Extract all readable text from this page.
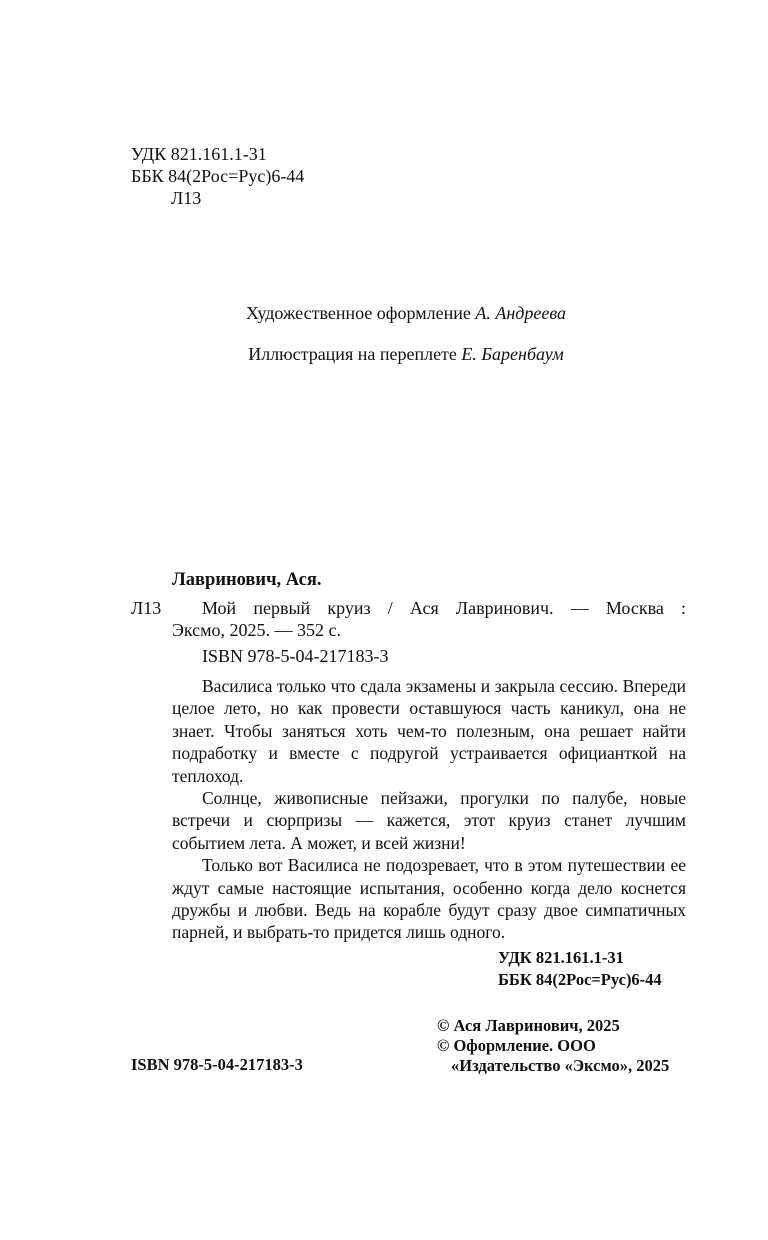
УДК 821.161.1-31
ББК 84(2Рос=Рус)6-44
Л13
Художественное оформление А. Андреева
Иллюстрация на переплете Е. Баренбаум
Лавринович, Ася.
Л13 Мой первый круиз / Ася Лавринович. — Москва :
Эксмо, 2025. — 352 с.
ISBN 978-5-04-217183-3

Василиса только что сдала экзамены и закрыла сессию. Впереди целое лето, но как провести оставшуюся часть каникул, она не знает. Чтобы заняться хоть чем-то полезным, она решает найти подработку и вместе с подругой устраивается официанткой на теплоход.

Солнце, живописные пейзажи, прогулки по палубе, новые встречи и сюрпризы — кажется, этот круиз станет лучшим событием лета. А может, и всей жизни!

Только вот Василиса не подозревает, что в этом путешествии ее ждут самые настоящие испытания, особенно когда дело коснется дружбы и любви. Ведь на корабле будут сразу двое симпатичных парней, и выбрать-то придется лишь одного.

УДК 821.161.1-31
ББК 84(2Рос=Рус)6-44
© Ася Лавринович, 2025
© Оформление. ООО
«Издательство «Эксмо», 2025
ISBN 978-5-04-217183-3
